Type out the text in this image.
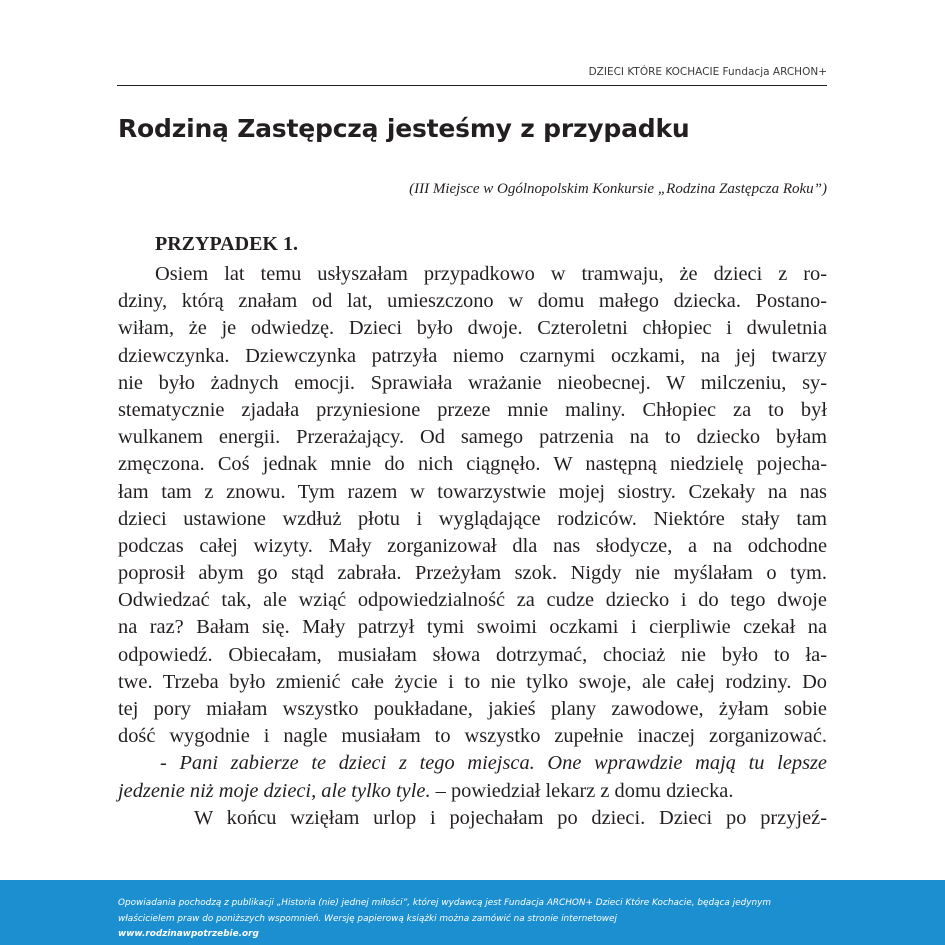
DZIECI KTÓRE KOCHACIE Fundacja ARCHON+
Rodziną Zastępczą jesteśmy z przypadku
(III Miejsce w Ogólnopolskim Konkursie „Rodzina Zastępcza Roku”)
PRZYPADEK 1.
Osiem lat temu usłyszałam przypadkowo w tramwaju, że dzieci z ro-
dziny, którą znałam od lat, umieszczono w domu małego dziecka. Postano-
wiłam, że je odwiedzę. Dzieci było dwoje. Czteroletni chłopiec i dwuletnia
dziewczynka. Dziewczynka patrzyła niemo czarnymi oczkami, na jej twarzy
nie było żadnych emocji. Sprawiała wrażanie nieobecnej. W milczeniu, sy-
stematycznie zjadała przyniesione przeze mnie maliny. Chłopiec za to był
wulkanem energii. Przerażający. Od samego patrzenia na to dziecko byłam
zmęczona. Coś jednak mnie do nich ciągnęło. W następną niedzielę pojecha-
łam tam z znowu. Tym razem w towarzystwie mojej siostry. Czekały na nas
dzieci ustawione wzdłuż płotu i wyglądające rodziców. Niektóre stały tam
podczas całej wizyty. Mały zorganizował dla nas słodycze, a na odchodne
poprosił abym go stąd zabrała. Przeżyłam szok. Nigdy nie myślałam o tym.
Odwiedzać tak, ale wziąć odpowiedzialność za cudze dziecko i do tego dwoje
na raz? Bałam się. Mały patrzył tymi swoimi oczkami i cierpliwie czekał na
odpowiedź. Obiecałam, musiałam słowa dotrzymać, chociaż nie było to ła-
twe. Trzeba było zmienić całe życie i to nie tylko swoje, ale całej rodziny. Do
tej pory miałam wszystko poukładane, jakieś plany zawodowe, żyłam sobie
dość wygodnie i nagle musiałam to wszystko zupełnie inaczej zorganizować.
- Pani zabierze te dzieci z tego miejsca. One wprawdzie mają tu lepsze
jedzenie niż moje dzieci, ale tylko tyle. – powiedział lekarz z domu dziecka.
W końcu wzięłam urlop i pojechałam po dzieci. Dzieci po przyjeź-
Opowiadania pochodzą z publikacji „Historia (nie) jednej miłości”, której wydawcą jest Fundacja ARCHON+ Dzieci Które Kochacie, będąca jedynym
właścicielem praw do poniższych wspomnień. Wersję papierową książki można zamówić na stronie internetowej
www.rodzinawpotrzebie.org
